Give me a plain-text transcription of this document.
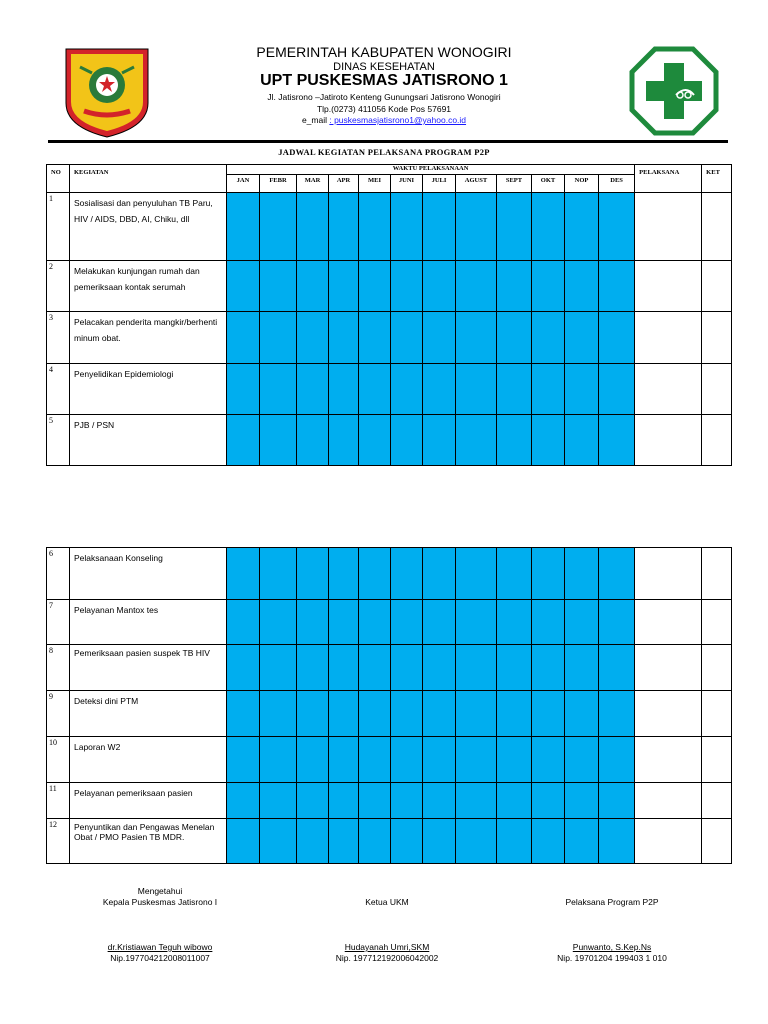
PEMERINTAH KABUPATEN WONOGIRI
DINAS KESEHATAN
UPT PUSKESMAS JATISRONO 1
Jl. Jatisrono –Jatiroto Kenteng Gunungsari Jatisrono Wonogiri
Tlp.(0273) 411056 Kode Pos 57691
e_mail : puskesmasjatisrono1@yahoo.co.id
JADWAL KEGIATAN PELAKSANA PROGRAM P2P
NO	KEGIATAN	WAKTU PELAKSANAAN												PELAKSANA	KET
		JAN	FEBR	MAR	APR	MEI	JUNI	JULI	AGUST	SEPT	OKT	NOP	DES		
1	Sosialisasi dan penyuluhan TB Paru, HIV / AIDS, DBD, AI, Chiku, dll														
2	Melakukan kunjungan rumah dan pemeriksaan kontak serumah														
3	Pelacakan penderita mangkir/berhenti minum obat.														
4	Penyelidikan Epidemiologi														
5	PJB / PSN														
6	Pelaksanaan Konseling														
7	Pelayanan Mantox tes														
8	Pemeriksaan pasien suspek TB HIV														
9	Deteksi dini PTM														
10	Laporan W2														
11	Pelayanan pemeriksaan pasien														
12	Penyuntikan dan Pengawas Menelan Obat / PMO Pasien TB MDR.														
Mengetahui
Kepala Puskesmas Jatisrono I	Ketua UKM	Pelaksana Program P2P
dr.Kristiawan Teguh wibowo
Nip.197704212008011007
Hudayanah Umri,SKM
Nip. 197712192006042002
Punwanto, S.Kep.Ns
Nip. 19701204 199403 1 010
